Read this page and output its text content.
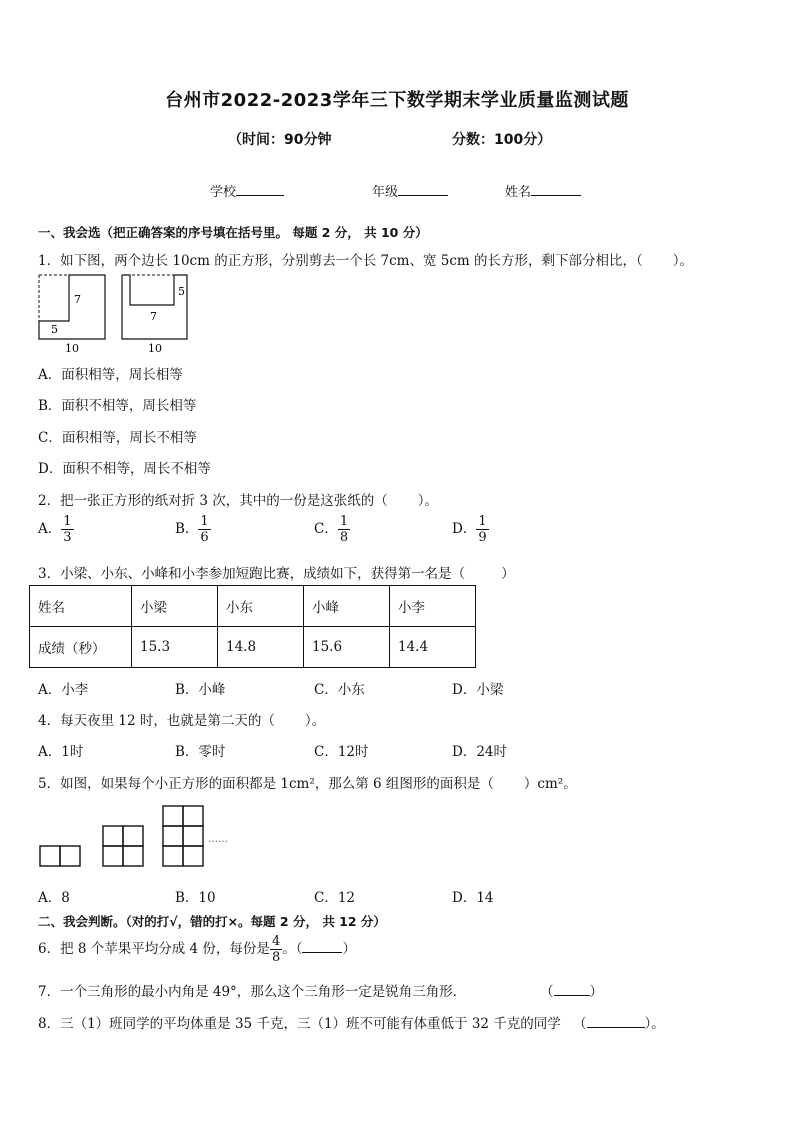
台州市2022-2023学年三下数学期末学业质量监测试题
（时间：90分钟	分数：100分）
学校	年级	姓名
一、我会选（把正确答案的序号填在括号里。 每题 2 分， 共 10 分）
1．如下图，两个边长 10cm 的正方形，分别剪去一个长 7cm、宽 5cm 的长方形，剩下部分相比，（ ）。
7
5
10
5
7
10
A．面积相等，周长相等
B．面积不相等，周长相等
C．面积相等，周长不相等
D．面积不相等，周长不相等
2．把一张正方形的纸对折 3 次，其中的一份是这张纸的（ ）。
A． $\frac{1}{3}$	B． $\frac{1}{6}$	C． $\frac{1}{8}$	D． $\frac{1}{9}$
3．小梁、小东、小峰和小李参加短跑比赛，成绩如下，获得第一名是（	）
姓名	小梁	小东	小峰	小李
成绩（秒）	15.3	14.8	15.6	14.4
A．小李	B．小峰	C．小东	D．小梁
4．每天夜里 12 时，也就是第二天的（ ）。
A．1时	B．零时	C．12时	D．24时
5．如图，如果每个小正方形的面积都是 1cm²，那么第 6 组图形的面积是（ ）cm²。
……
A．8	B．10	C．12	D．14
二、我会判断。（对的打√，错的打×。每题 2 分， 共 12 分）
6．把 8 个苹果平均分成 4 份，每份是 $\frac{4}{8}$ 。（	）
7．一个三角形的最小内角是 49°，那么这个三角形一定是锐角三角形．	（	）
8．三（1）班同学的平均体重是 35 千克，三（1）班不可能有体重低于 32 千克的同学 （	）。
